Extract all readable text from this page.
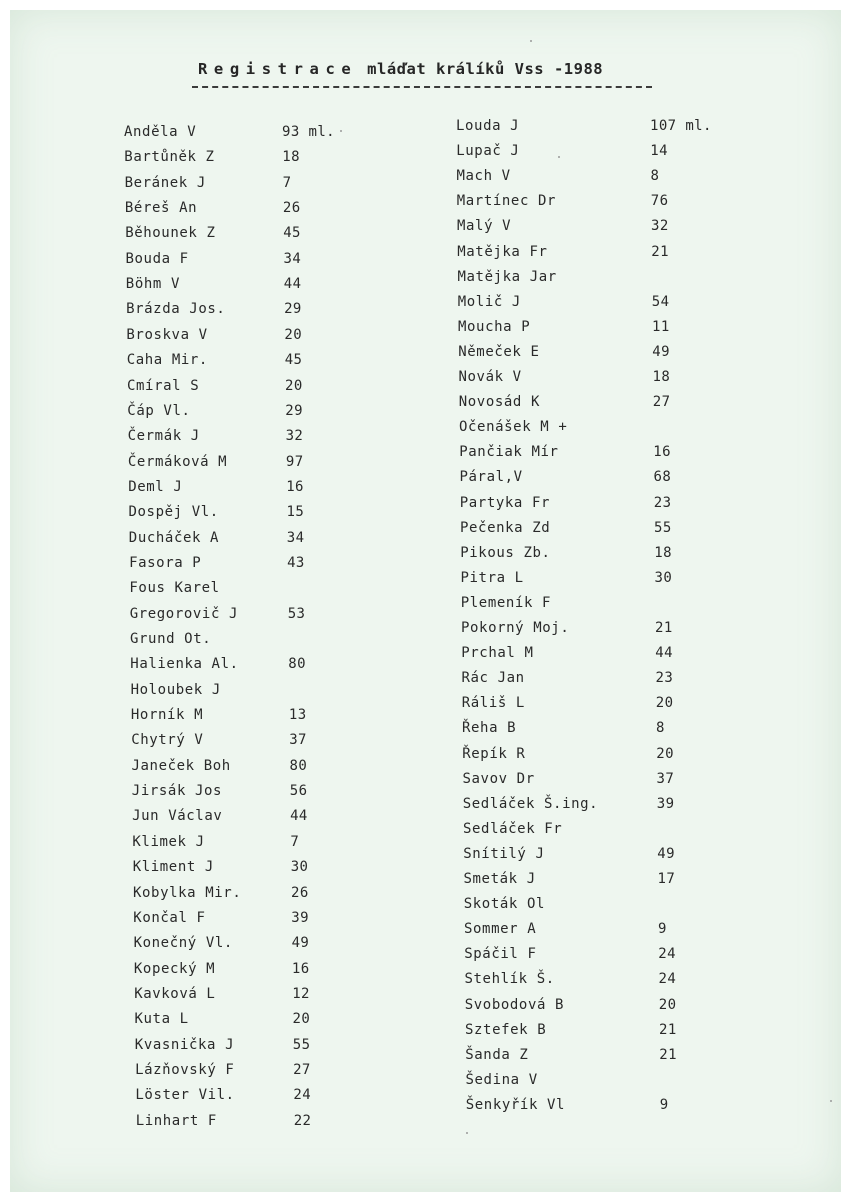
Registrace mláďat králíků Vss -1988
Anděla V	93 ml.
Bartůněk Z	18
Beránek J	7
Béreš An	26
Běhounek Z	45
Bouda F	34
Böhm V	44
Brázda Jos.	29
Broskva V	20
Caha Mir.	45
Cmíral S	20
Čáp Vl.	29
Čermák J	32
Čermáková M	97
Deml J	16
Dospěj Vl.	15
Ducháček A	34
Fasora P	43
Fous Karel
Gregorovič J	53
Grund Ot.
Halienka Al.	80
Holoubek J
Horník M	13
Chytrý V	37
Janeček Boh	80
Jirsák Jos	56
Jun Václav	44
Klimek J	7
Kliment J	30
Kobylka Mir.	26
Končal F	39
Konečný Vl.	49
Kopecký M	16
Kavková L	12
Kuta L	20
Kvasnička J	55
Lázňovský F	27
Löster Vil.	24
Linhart F	22
Louda J	107 ml.
Lupač J	14
Mach V	8
Martínec Dr	76
Malý V	32
Matějka Fr	21
Matějka Jar
Molič J	54
Moucha P	11
Němeček E	49
Novák V	18
Novosád K	27
Očenášek M +
Pančiak Mír	16
Páral,V	68
Partyka Fr	23
Pečenka Zd	55
Pikous Zb.	18
Pitra L	30
Plemeník F
Pokorný Moj.	21
Prchal M	44
Rác Jan	23
Ráliš L	20
Řeha B	8
Řepík R	20
Savov Dr	37
Sedláček Š.ing.	39
Sedláček Fr
Snítilý J	49
Smeták J	17
Skoták Ol
Sommer A	9
Spáčil F	24
Stehlík Š.	24
Svobodová B	20
Sztefek B	21
Šanda Z	21
Šedina V
Šenkyřík Vl	9
